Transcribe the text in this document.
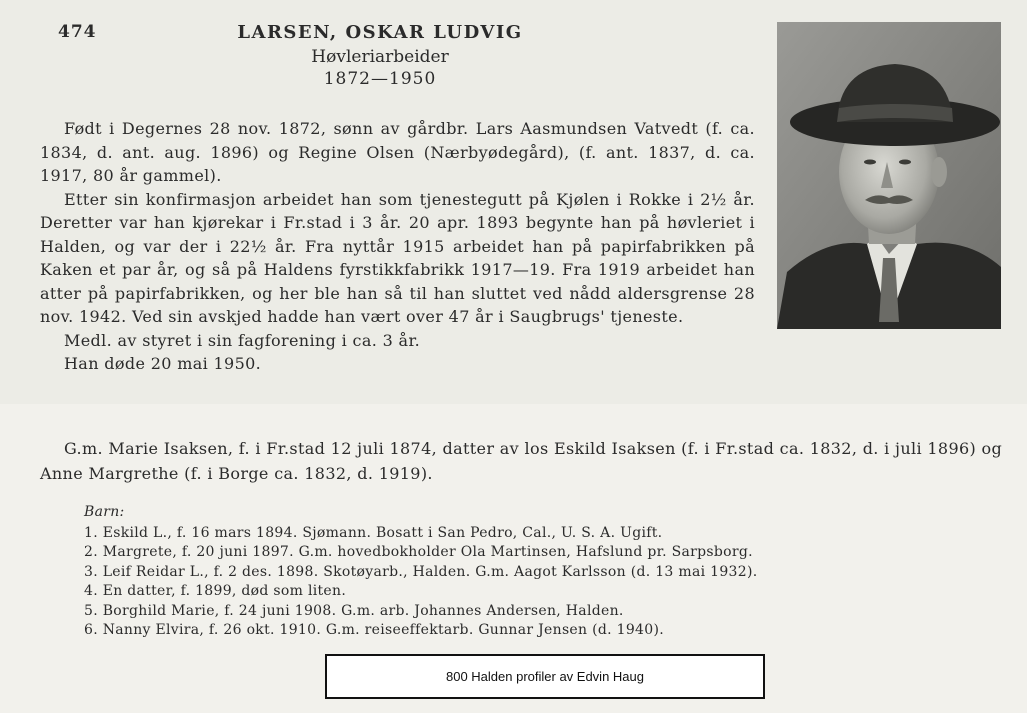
474	LARSEN, OSKAR LUDVIG
Høvleriarbeider
1872—1950

Født i Degernes 28 nov. 1872, sønn av gårdbr. Lars Aasmundsen Vatvedt (f. ca. 1834, d. ant. aug. 1896) og Regine Olsen (Nærbyødegård), (f. ant. 1837, d. ca. 1917, 80 år gammel).

Etter sin konfirmasjon arbeidet han som tjenestegutt på Kjølen i Rokke i 2½ år. Deretter var han kjørekar i Fr.stad i 3 år. 20 apr. 1893 begynte han på høvleriet i Halden, og var der i 22½ år. Fra nyttår 1915 arbeidet han på papirfabrikken på Kaken et par år, og så på Haldens fyrstikkfabrikk 1917—19. Fra 1919 arbeidet han atter på papirfabrikken, og her ble han så til han sluttet ved nådd aldersgrense 28 nov. 1942. Ved sin avskjed hadde han vært over 47 år i Saugbrugs' tjeneste.

Medl. av styret i sin fagforening i ca. 3 år.

Han døde 20 mai 1950.

G.m. Marie Isaksen, f. i Fr.stad 12 juli 1874, datter av los Eskild Isaksen (f. i Fr.stad ca. 1832, d. i juli 1896) og Anne Margrethe (f. i Borge ca. 1832, d. 1919).

Barn:

1. Eskild L., f. 16 mars 1894. Sjømann. Bosatt i San Pedro, Cal., U. S. A. Ugift.

2. Margrete, f. 20 juni 1897. G.m. hovedbokholder Ola Martinsen, Hafslund pr. Sarpsborg.

3. Leif Reidar L., f. 2 des. 1898. Skotøyarb., Halden. G.m. Aagot Karlsson (d. 13 mai 1932).

4. En datter, f. 1899, død som liten.

5. Borghild Marie, f. 24 juni 1908. G.m. arb. Johannes Andersen, Halden.

6. Nanny Elvira, f. 26 okt. 1910. G.m. reiseeffektarb. Gunnar Jensen (d. 1940).

800 Halden profiler av Edvin Haug
